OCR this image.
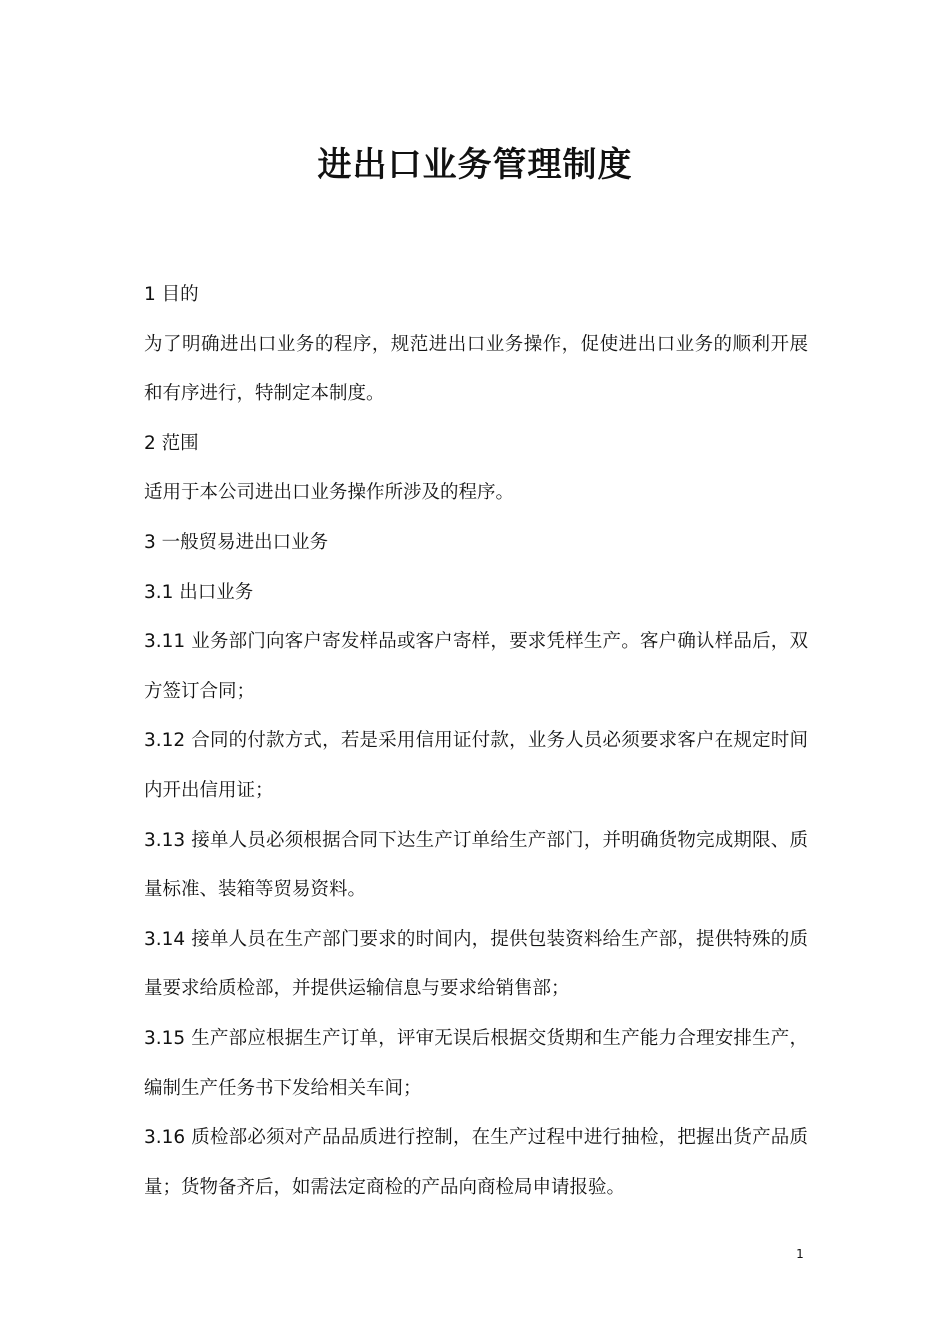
进出口业务管理制度

1 目的

为了明确进出口业务的程序，规范进出口业务操作，促使进出口业务的顺利开展和有序进行，特制定本制度。

2 范围

适用于本公司进出口业务操作所涉及的程序。

3 一般贸易进出口业务

3.1 出口业务

3.11 业务部门向客户寄发样品或客户寄样，要求凭样生产。客户确认样品后，双方签订合同；

3.12 合同的付款方式，若是采用信用证付款，业务人员必须要求客户在规定时间内开出信用证；

3.13 接单人员必须根据合同下达生产订单给生产部门，并明确货物完成期限、质量标准、装箱等贸易资料。

3.14 接单人员在生产部门要求的时间内，提供包装资料给生产部，提供特殊的质量要求给质检部，并提供运输信息与要求给销售部；

3.15 生产部应根据生产订单，评审无误后根据交货期和生产能力合理安排生产，编制生产任务书下发给相关车间；

3.16 质检部必须对产品品质进行控制，在生产过程中进行抽检，把握出货产品质量；货物备齐后，如需法定商检的产品向商检局申请报验。

1
